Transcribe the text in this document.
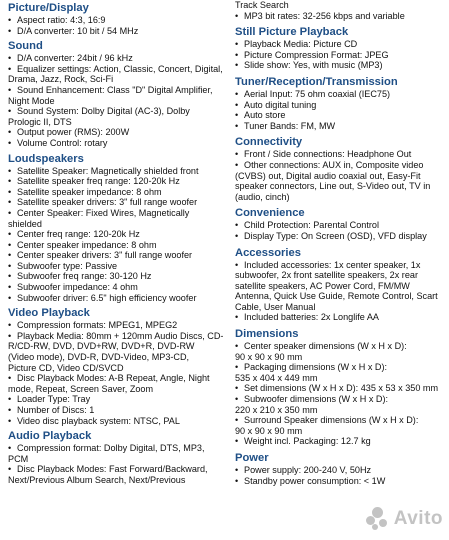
Picture/Display
• Aspect ratio: 4:3, 16:9
• D/A converter: 10 bit / 54 MHz
Sound
• D/A converter: 24bit / 96 kHz
• Equalizer settings: Action, Classic, Concert, Digital,
Drama, Jazz, Rock, Sci-Fi
• Sound Enhancement: Class "D" Digital Amplifier,
Night Mode
• Sound System: Dolby Digital (AC-3), Dolby
Prologic II, DTS
• Output power (RMS): 200W
• Volume Control: rotary
Loudspeakers
• Satellite Speaker: Magnetically shielded front
• Satellite speaker freq range: 120-20k Hz
• Satellite speaker impedance: 8 ohm
• Satellite speaker drivers: 3" full range woofer
• Center Speaker: Fixed Wires, Magnetically
shielded
• Center freq range: 120-20k Hz
• Center speaker impedance: 8 ohm
• Center speaker drivers: 3" full range woofer
• Subwoofer type: Passive
• Subwoofer freq range: 30-120 Hz
• Subwoofer impedance: 4 ohm
• Subwoofer driver: 6.5" high efficiency woofer
Video Playback
• Compression formats: MPEG1, MPEG2
• Playback Media: 80mm + 120mm Audio Discs, CD-
R/CD-RW, DVD, DVD+RW, DVD+R, DVD-RW
(Video mode), DVD-R, DVD-Video, MP3-CD,
Picture CD, Video CD/SVCD
• Disc Playback Modes: A-B Repeat, Angle, Night
mode, Repeat, Screen Saver, Zoom
• Loader Type: Tray
• Number of Discs: 1
• Video disc playback system: NTSC, PAL
Audio Playback
• Compression format: Dolby Digital, DTS, MP3,
PCM
• Disc Playback Modes: Fast Forward/Backward,
Next/Previous Album Search, Next/Previous
Track Search
• MP3 bit rates: 32-256 kbps and variable
Still Picture Playback
• Playback Media: Picture CD
• Picture Compression Format: JPEG
• Slide show: Yes, with music (MP3)
Tuner/Reception/Transmission
• Aerial Input: 75 ohm coaxial (IEC75)
• Auto digital tuning
• Auto store
• Tuner Bands: FM, MW
Connectivity
• Front / Side connections: Headphone Out
• Other connections: AUX in, Composite video
(CVBS) out, Digital audio coaxial out, Easy-Fit
speaker connectors, Line out, S-Video out, TV in
(audio, cinch)
Convenience
• Child Protection: Parental Control
• Display Type: On Screen (OSD), VFD display
Accessories
• Included accessories: 1x center speaker, 1x
subwoofer, 2x front satellite speakers, 2x rear
satellite speakers, AC Power Cord, FM/MW
Antenna, Quick Use Guide, Remote Control, Scart
Cable, User Manual
• Included batteries: 2x Longlife AA
Dimensions
• Center speaker dimensions (W x H x D):
90 x 90 x 90 mm
• Packaging dimensions (W x H x D):
535 x 404 x 449 mm
• Set dimensions (W x H x D): 435 x 53 x 350 mm
• Subwoofer dimensions (W x H x D):
220 x 210 x 350 mm
• Surround Speaker dimensions (W x H x D):
90 x 90 x 90 mm
• Weight incl. Packaging: 12.7 kg
Power
• Power supply: 200-240 V, 50Hz
• Standby power consumption: < 1W
Avito
